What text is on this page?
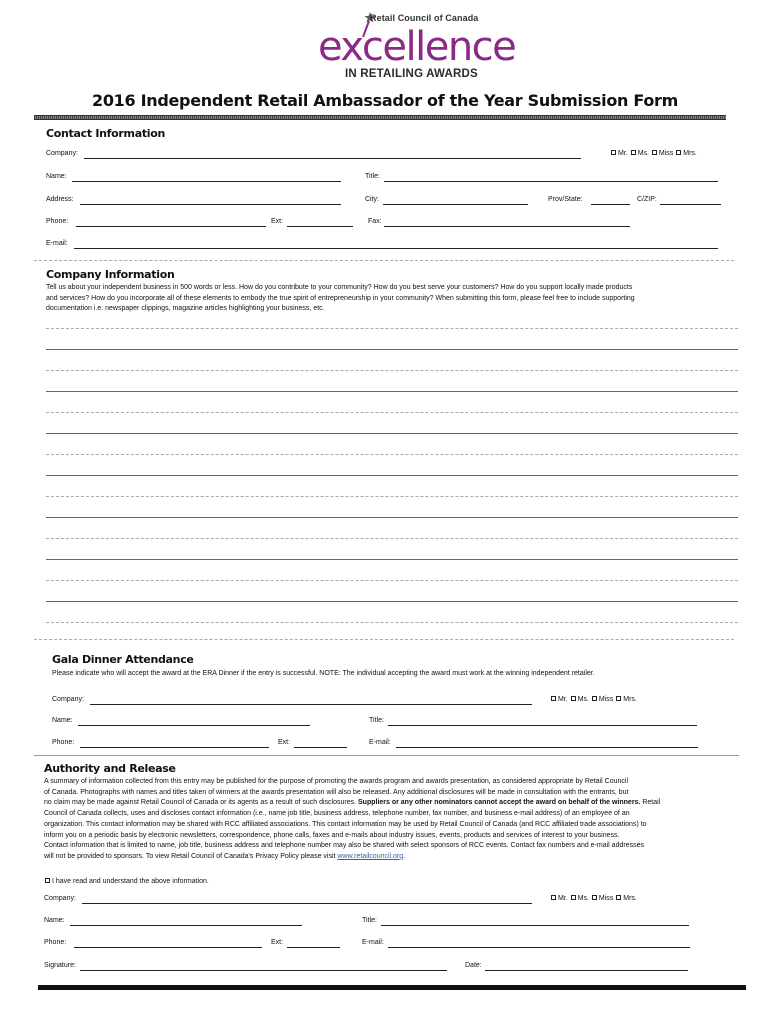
Retail Council of Canada
excellence
IN RETAILING AWARDS
2016 Independent Retail Ambassador of the Year Submission Form
Contact Information
Company:	Mr. Ms. Miss Mrs.
Name:	Title:
Address:	City:	Prov/State:	C/ZIP:
Phone:	Ext:	Fax:
E-mail:
Company Information
Tell us about your independent business in 500 words or less. How do you contribute to your community? How do you best serve your customers? How do you support locally made products
and services? How do you incorporate all of these elements to embody the true spirit of entrepreneurship in your community? When submitting this form, please feel free to include supporting
documentation i.e. newspaper clippings, magazine articles highlighting your business, etc.
Gala Dinner Attendance
Please indicate who will accept the award at the ERA Dinner if the entry is successful. NOTE: The individual accepting the award must work at the winning independent retailer.
Company:	Mr. Ms. Miss Mrs.
Name:	Title:
Phone:	Ext:	E-mail:
Authority and Release
A summary of information collected from this entry may be published for the purpose of promoting the awards program and awards presentation, as considered appropriate by Retail Council
of Canada. Photographs with names and titles taken of winners at the awards presentation will also be released. Any additional disclosures will be made in consultation with the entrants, but
no claim may be made against Retail Council of Canada or its agents as a result of such disclosures. Suppliers or any other nominators cannot accept the award on behalf of the winners. Retail
Council of Canada collects, uses and discloses contact information (i.e., name job title, business address, telephone number, fax number, and business e-mail address) of an employee of an
organization. This contact information may be shared with RCC affiliated associations. This contact information may be used by Retail Council of Canada (and RCC affiliated trade associations) to
inform you on a periodic basis by electronic newsletters, correspondence, phone calls, faxes and e-mails about industry issues, events, products and services of interest to your business.
Contact information that is limited to name, job title, business address and telephone number may also be shared with select sponsors of RCC events. Contact fax numbers and e-mail addresses
will not be provided to sponsors. To view Retail Council of Canada's Privacy Policy please visit www.retailcouncil.org.
I have read and understand the above information.
Company:	Mr. Ms. Miss Mrs.
Name:	Title:
Phone:	Ext:	E-mail:
Signature:	Date:
